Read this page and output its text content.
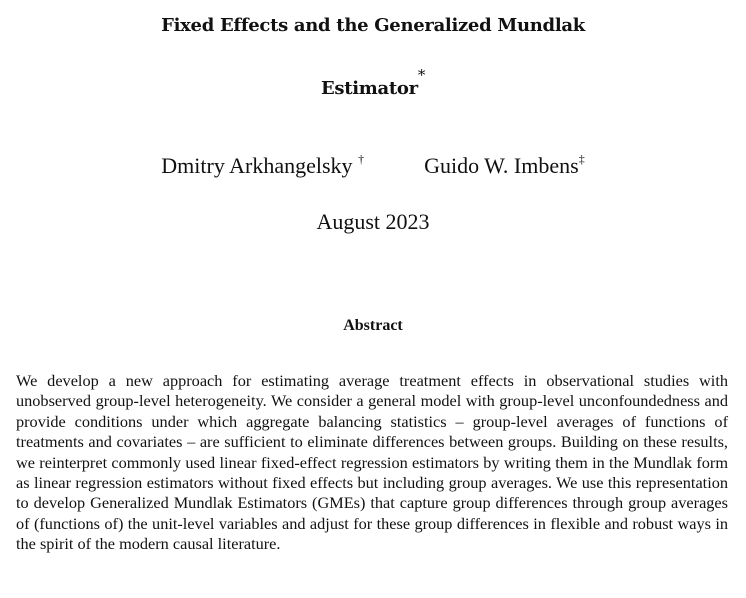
Fixed Effects and the Generalized Mundlak
Estimator*
Dmitry Arkhangelsky †	Guido W. Imbens‡
August 2023
Abstract
We develop a new approach for estimating average treatment effects in observational studies with unobserved group-level heterogeneity. We consider a general model with group-level unconfoundedness and provide conditions under which aggregate balancing statistics – group-level averages of functions of treatments and covariates – are sufficient to eliminate differences between groups. Building on these results, we reinterpret commonly used linear fixed-effect regression estimators by writing them in the Mundlak form as linear regression estimators without fixed effects but including group averages. We use this representation to develop Generalized Mundlak Estimators (GMEs) that capture group differences through group averages of (functions of) the unit-level variables and adjust for these group differences in flexible and robust ways in the spirit of the modern causal literature.
